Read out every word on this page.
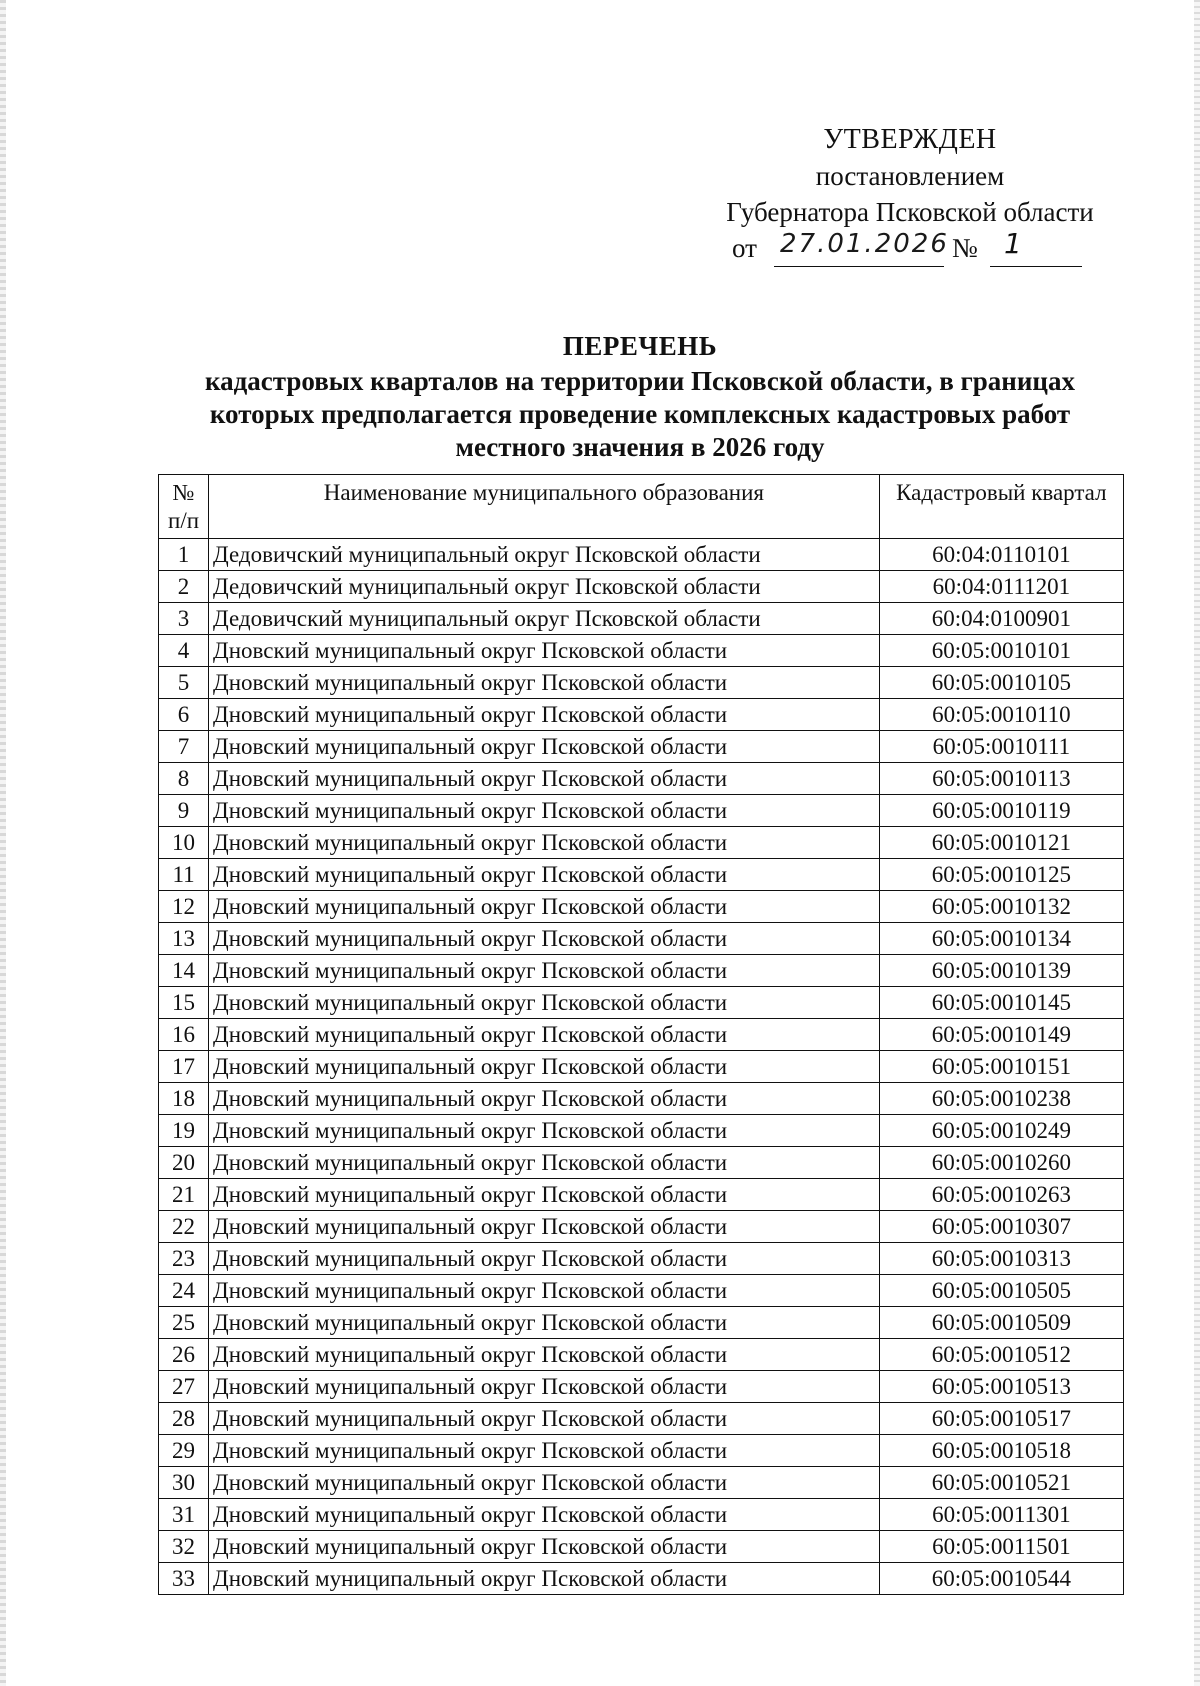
УТВЕРЖДЕН
постановлением
Губернатора Псковской области
от 27.01.2026 № 1
ПЕРЕЧЕНЬ
кадастровых кварталов на территории Псковской области, в границах
которых предполагается проведение комплексных кадастровых работ
местного значения в 2026 году
№
п/п	Наименование муниципального образования	Кадастровый квартал
1	Дедовичский муниципальный округ Псковской области	60:04:0110101
2	Дедовичский муниципальный округ Псковской области	60:04:0111201
3	Дедовичский муниципальный округ Псковской области	60:04:0100901
4	Дновский муниципальный округ Псковской области	60:05:0010101
5	Дновский муниципальный округ Псковской области	60:05:0010105
6	Дновский муниципальный округ Псковской области	60:05:0010110
7	Дновский муниципальный округ Псковской области	60:05:0010111
8	Дновский муниципальный округ Псковской области	60:05:0010113
9	Дновский муниципальный округ Псковской области	60:05:0010119
10	Дновский муниципальный округ Псковской области	60:05:0010121
11	Дновский муниципальный округ Псковской области	60:05:0010125
12	Дновский муниципальный округ Псковской области	60:05:0010132
13	Дновский муниципальный округ Псковской области	60:05:0010134
14	Дновский муниципальный округ Псковской области	60:05:0010139
15	Дновский муниципальный округ Псковской области	60:05:0010145
16	Дновский муниципальный округ Псковской области	60:05:0010149
17	Дновский муниципальный округ Псковской области	60:05:0010151
18	Дновский муниципальный округ Псковской области	60:05:0010238
19	Дновский муниципальный округ Псковской области	60:05:0010249
20	Дновский муниципальный округ Псковской области	60:05:0010260
21	Дновский муниципальный округ Псковской области	60:05:0010263
22	Дновский муниципальный округ Псковской области	60:05:0010307
23	Дновский муниципальный округ Псковской области	60:05:0010313
24	Дновский муниципальный округ Псковской области	60:05:0010505
25	Дновский муниципальный округ Псковской области	60:05:0010509
26	Дновский муниципальный округ Псковской области	60:05:0010512
27	Дновский муниципальный округ Псковской области	60:05:0010513
28	Дновский муниципальный округ Псковской области	60:05:0010517
29	Дновский муниципальный округ Псковской области	60:05:0010518
30	Дновский муниципальный округ Псковской области	60:05:0010521
31	Дновский муниципальный округ Псковской области	60:05:0011301
32	Дновский муниципальный округ Псковской области	60:05:0011501
33	Дновский муниципальный округ Псковской области	60:05:0010544
